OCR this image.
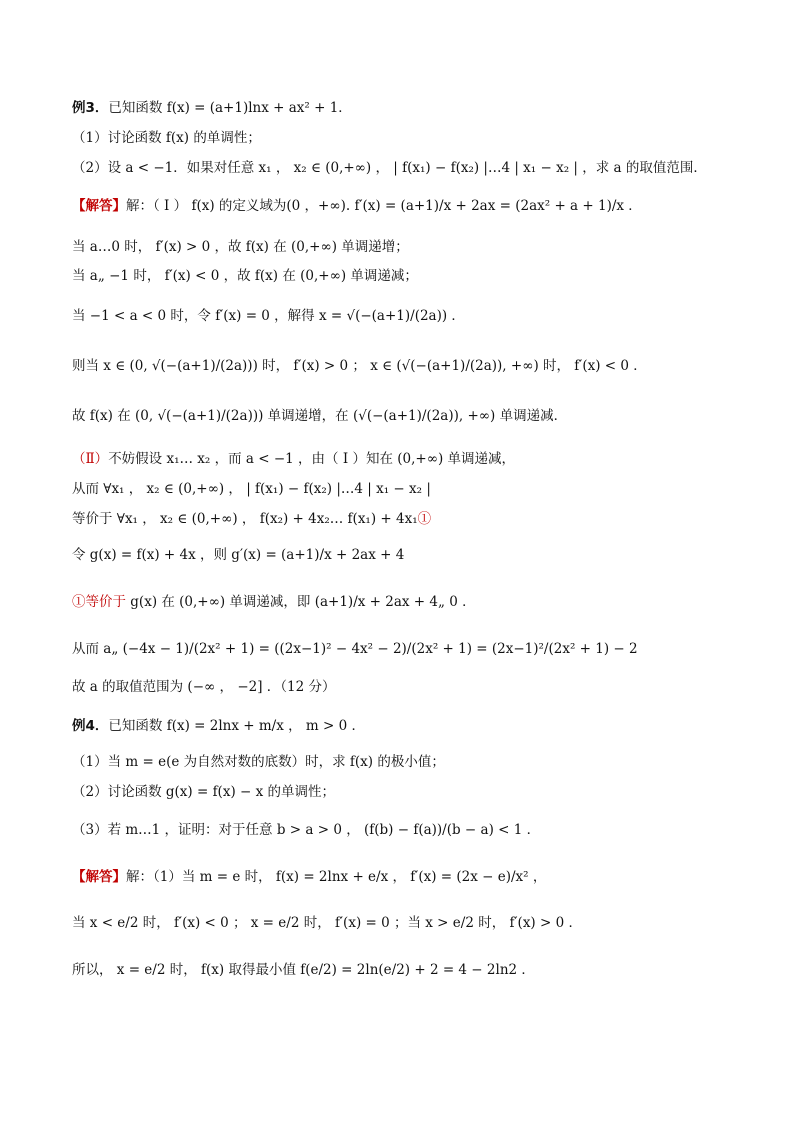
例3．已知函数 f(x) = (a+1)lnx + ax² + 1．
（1）讨论函数 f(x) 的单调性；
（2）设 a < −1．如果对任意 x₁ ， x₂ ∈ (0,+∞) ， | f(x₁) − f(x₂) |…4 | x₁ − x₂ | ，求 a 的取值范围．
【解答】解：（ Ⅰ ） f(x) 的定义域为(0 ，+∞). f′(x) = (a+1)/x + 2ax = (2ax² + a + 1)/x ．
当 a…0 时， f′(x) > 0 ，故 f(x) 在 (0,+∞) 单调递增；
当 a„ −1 时， f′(x) < 0 ，故 f(x) 在 (0,+∞) 单调递减；
当 −1 < a < 0 时，令 f′(x) = 0 ，解得 x = √(−(a+1)/(2a)) ．
则当 x ∈ (0, √(−(a+1)/(2a))) 时， f′(x) > 0 ； x ∈ (√(−(a+1)/(2a)), +∞) 时， f′(x) < 0 ．
故 f(x) 在 (0, √(−(a+1)/(2a))) 单调递增，在 (√(−(a+1)/(2a)), +∞) 单调递减．
（Ⅱ）不妨假设 x₁… x₂ ，而 a < −1 ，由（ Ⅰ ）知在 (0,+∞) 单调递减，
从而 ∀x₁ ， x₂ ∈ (0,+∞) ， | f(x₁) − f(x₂) |…4 | x₁ − x₂ |
等价于 ∀x₁ ， x₂ ∈ (0,+∞) ， f(x₂) + 4x₂… f(x₁) + 4x₁①
令 g(x) = f(x) + 4x ，则 g′(x) = (a+1)/x + 2ax + 4
①等价于 g(x) 在 (0,+∞) 单调递减，即 (a+1)/x + 2ax + 4„ 0 ．
从而 a„ (−4x − 1)/(2x² + 1) = ((2x−1)² − 4x² − 2)/(2x² + 1) = (2x−1)²/(2x² + 1) − 2
故 a 的取值范围为 (−∞ ， −2] ．（12 分）
例4．已知函数 f(x) = 2lnx + m/x ， m > 0 ．
（1）当 m = e(e 为自然对数的底数）时，求 f(x) 的极小值；
（2）讨论函数 g(x) = f(x) − x 的单调性；
（3）若 m…1 ，证明：对于任意 b > a > 0 ， (f(b) − f(a))/(b − a) < 1 ．
【解答】解：（1）当 m = e 时， f(x) = 2lnx + e/x ， f′(x) = (2x − e)/x² ，
当 x < e/2 时， f′(x) < 0 ； x = e/2 时， f′(x) = 0 ；当 x > e/2 时， f′(x) > 0 ．
所以， x = e/2 时， f(x) 取得最小值 f(e/2) = 2ln(e/2) + 2 = 4 − 2ln2 ．
